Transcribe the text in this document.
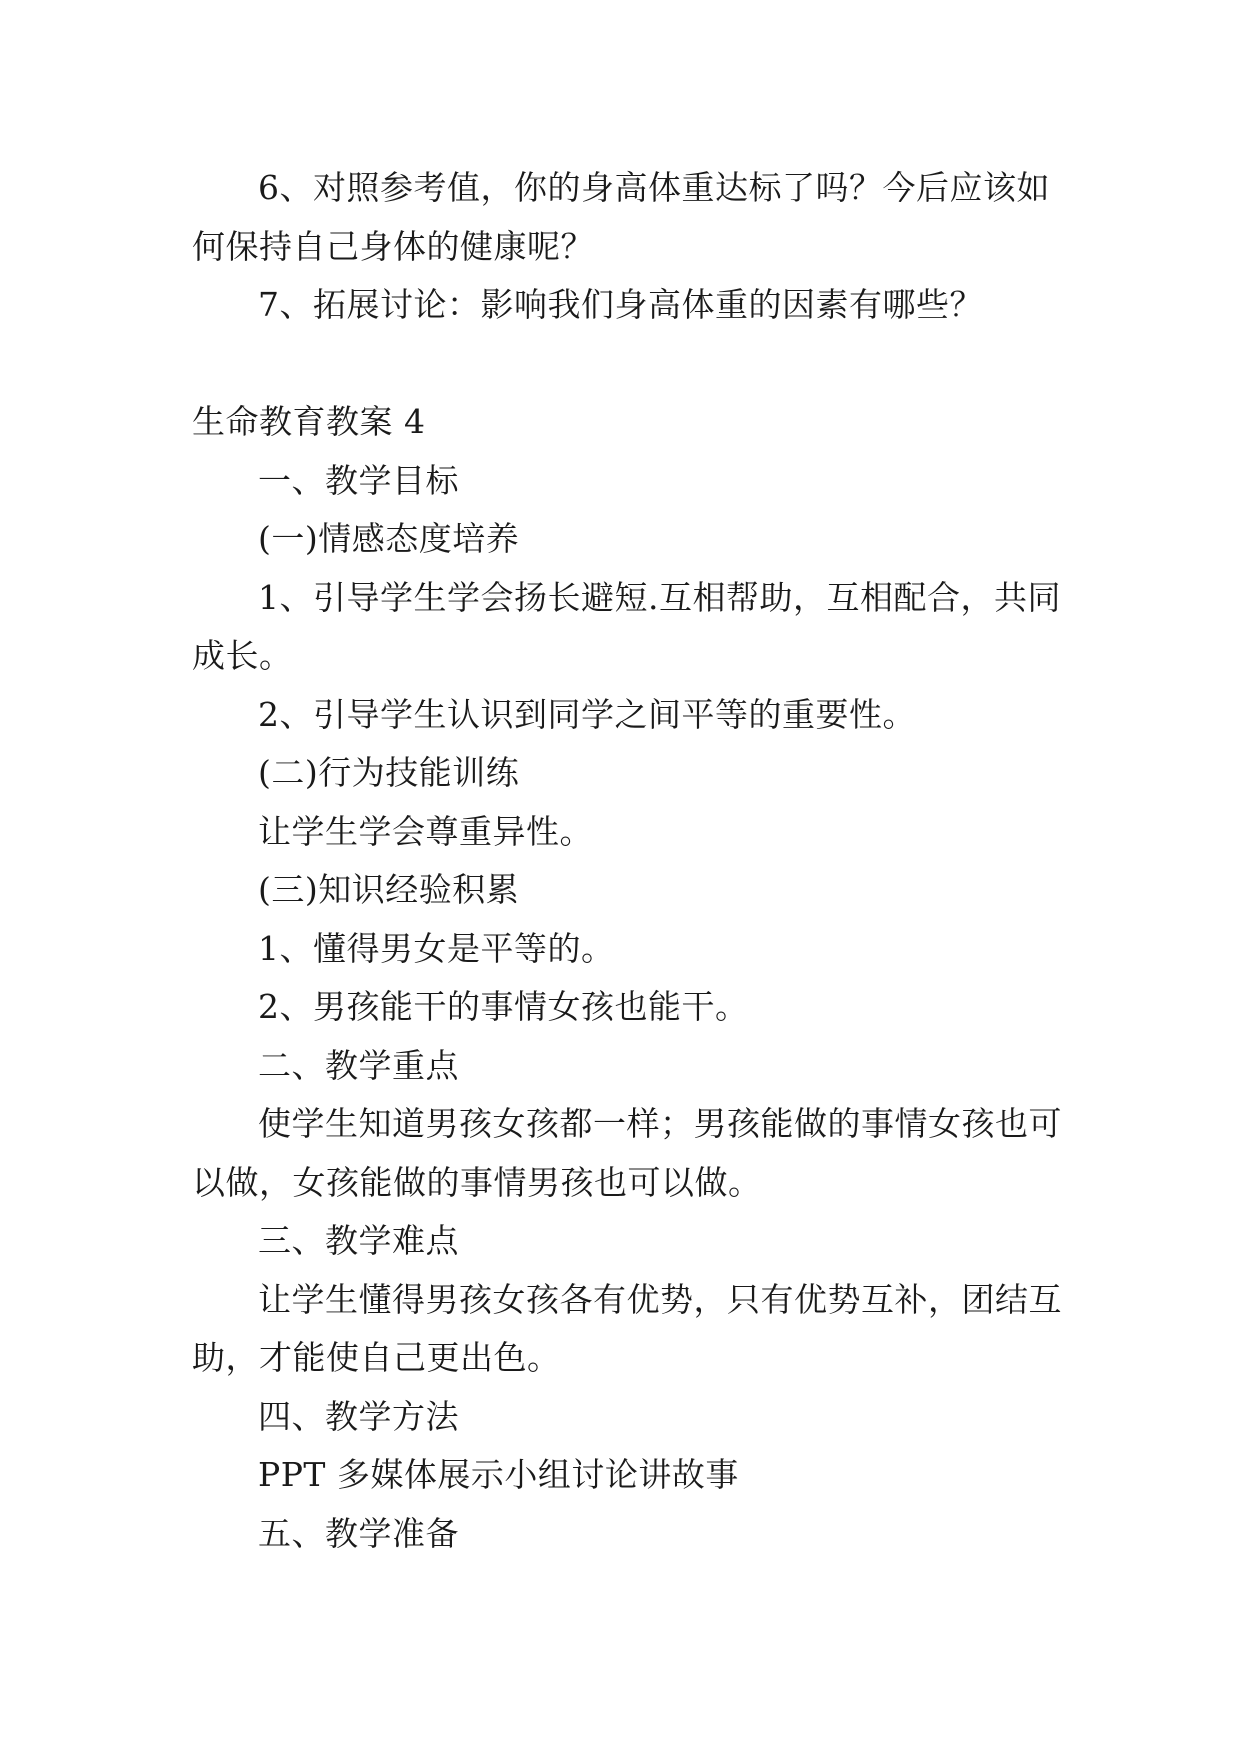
6、对照参考值，你的身高体重达标了吗？今后应该如
何保持自己身体的健康呢？
7、拓展讨论：影响我们身高体重的因素有哪些？
生命教育教案 4
一、教学目标
(一)情感态度培养
1、引导学生学会扬长避短.互相帮助，互相配合，共同
成长。
2、引导学生认识到同学之间平等的重要性。
(二)行为技能训练
让学生学会尊重异性。
(三)知识经验积累
1、懂得男女是平等的。
2、男孩能干的事情女孩也能干。
二、教学重点
使学生知道男孩女孩都一样；男孩能做的事情女孩也可
以做，女孩能做的事情男孩也可以做。
三、教学难点
让学生懂得男孩女孩各有优势，只有优势互补，团结互
助，才能使自己更出色。
四、教学方法
PPT 多媒体展示小组讨论讲故事
五、教学准备
